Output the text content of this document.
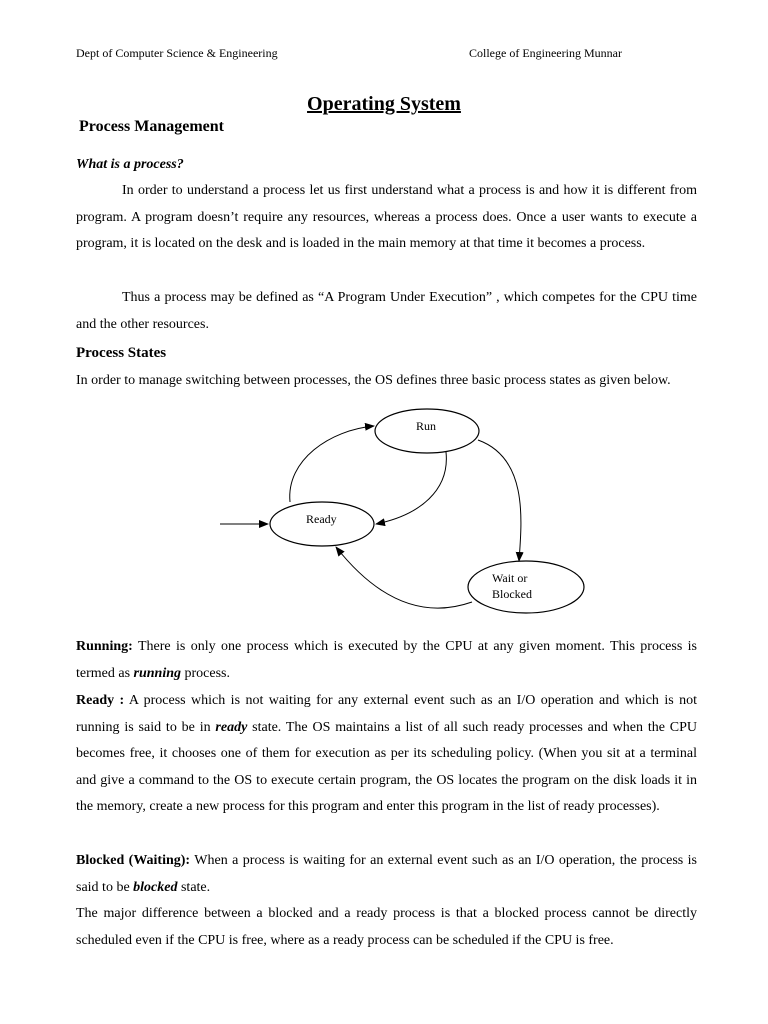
Dept of Computer Science & Engineering	College of Engineering Munnar
Operating System
Process Management
What is a process?

In order to understand a process let us first understand what a process is and how it is different from program. A program doesn’t require any resources, whereas a process does. Once a user wants to execute a program, it is located on the desk and is loaded in the main memory at that time it becomes a process.

Thus a process may be defined as “A Program Under Execution” , which competes for the CPU time and the other resources.

Process States

In order to manage switching between processes, the OS defines three basic process states as given below.

Run
Ready
Wait or
Blocked

Running: There is only one process which is executed by the CPU at any given moment. This process is termed as running process.

Ready : A process which is not waiting for any external event such as an I/O operation and which is not running is said to be in ready state. The OS maintains a list of all such ready processes and when the CPU becomes free, it chooses one of them for execution as per its scheduling policy. (When you sit at a terminal and give a command to the OS to execute certain program, the OS locates the program on the disk loads it in the memory, create a new process for this program and enter this program in the list of ready processes).

Blocked (Waiting): When a process is waiting for an external event such as an I/O operation, the process is said to be blocked state.

The major difference between a blocked and a ready process is that a blocked process cannot be directly scheduled even if the CPU is free, where as a ready process can be scheduled if the CPU is free.
